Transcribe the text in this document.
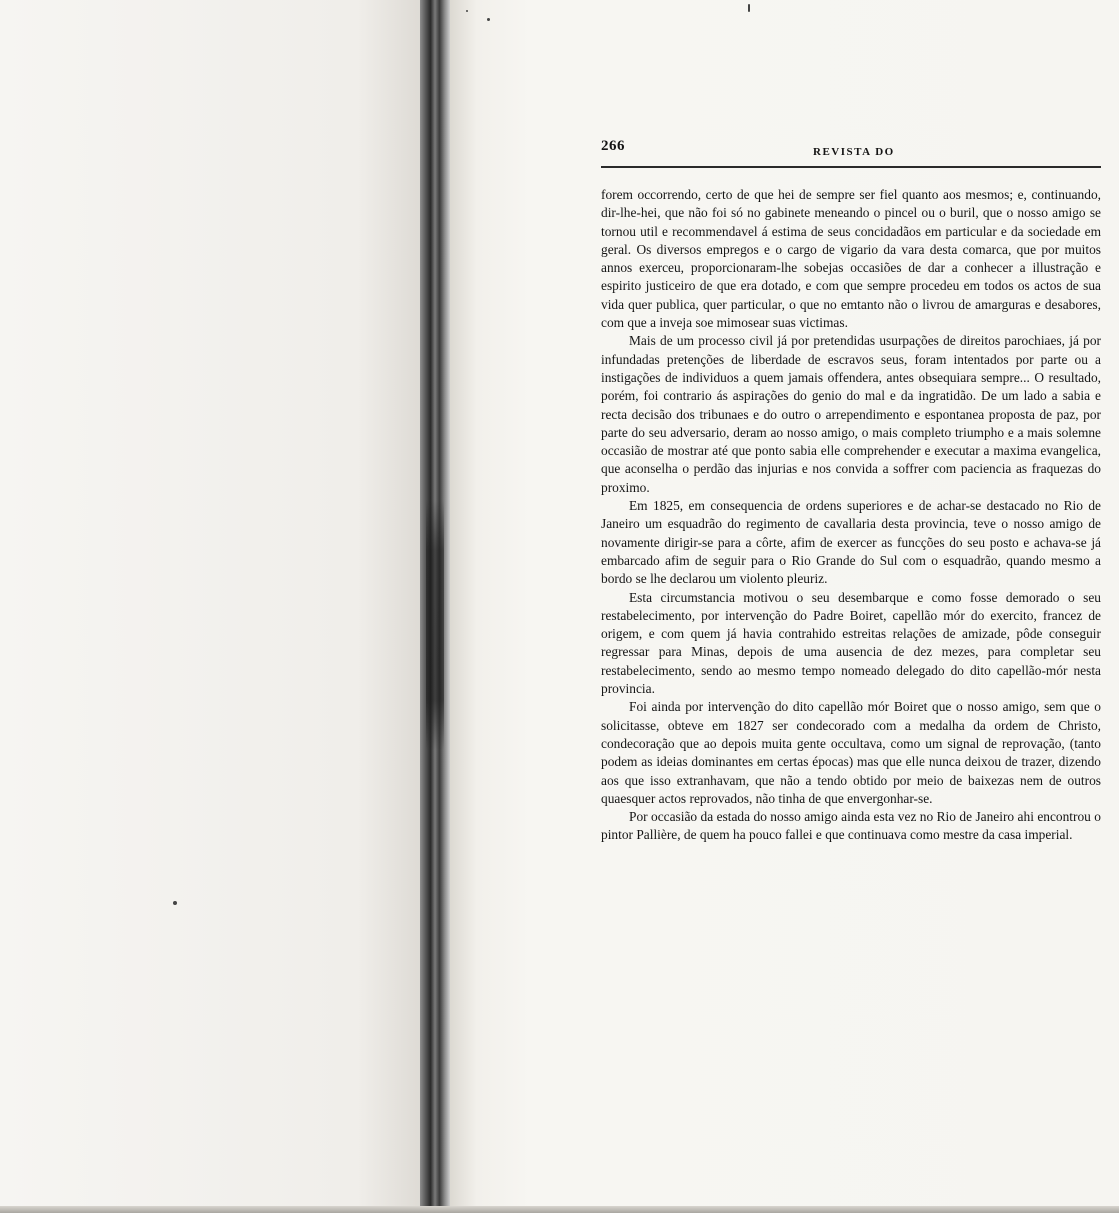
266	REVISTA DO

forem occorrendo, certo de que hei de sempre ser fiel quanto aos mesmos; e, continuando, dir-lhe-hei, que não foi só no gabinete meneando o pincel ou o buril, que o nosso amigo se tornou util e recommendavel á estima de seus concidadãos em particular e da sociedade em geral. Os diversos empregos e o cargo de vigario da vara desta comarca, que por muitos annos exerceu, proporcionaram-lhe sobejas occasiões de dar a conhecer a illustração e espirito justiceiro de que era dotado, e com que sempre procedeu em todos os actos de sua vida quer publica, quer particular, o que no emtanto não o livrou de amarguras e desabores, com que a inveja soe mimosear suas victimas.

Mais de um processo civil já por pretendidas usurpações de direitos parochiaes, já por infundadas pretenções de liberdade de escravos seus, foram intentados por parte ou a instigações de individuos a quem jamais offendera, antes obsequiara sempre... O resultado, porém, foi contrario ás aspirações do genio do mal e da ingratidão. De um lado a sabia e recta decisão dos tribunaes e do outro o arrependimento e espontanea proposta de paz, por parte do seu adversario, deram ao nosso amigo, o mais completo triumpho e a mais solemne occasião de mostrar até que ponto sabia elle comprehender e executar a maxima evangelica, que aconselha o perdão das injurias e nos convida a soffrer com paciencia as fraquezas do proximo.

Em 1825, em consequencia de ordens superiores e de achar-se destacado no Rio de Janeiro um esquadrão do regimento de cavallaria desta provincia, teve o nosso amigo de novamente dirigir-se para a côrte, afim de exercer as funcções do seu posto e achava-se já embarcado afim de seguir para o Rio Grande do Sul com o esquadrão, quando mesmo a bordo se lhe declarou um violento pleuriz.

Esta circumstancia motivou o seu desembarque e como fosse demorado o seu restabelecimento, por intervenção do Padre Boiret, capellão mór do exercito, francez de origem, e com quem já havia contrahido estreitas relações de amizade, pôde conseguir regressar para Minas, depois de uma ausencia de dez mezes, para completar seu restabelecimento, sendo ao mesmo tempo nomeado delegado do dito capellão-mór nesta provincia.

Foi ainda por intervenção do dito capellão mór Boiret que o nosso amigo, sem que o solicitasse, obteve em 1827 ser condecorado com a medalha da ordem de Christo, condecoração que ao depois muita gente occultava, como um signal de reprovação, (tanto podem as ideias dominantes em certas épocas) mas que elle nunca deixou de trazer, dizendo aos que isso extranhavam, que não a tendo obtido por meio de baixezas nem de outros quaesquer actos reprovados, não tinha de que envergonhar-se.

Por occasião da estada do nosso amigo ainda esta vez no Rio de Janeiro ahi encontrou o pintor Pallière, de quem ha pouco fallei e que continuava como mestre da casa imperial.
